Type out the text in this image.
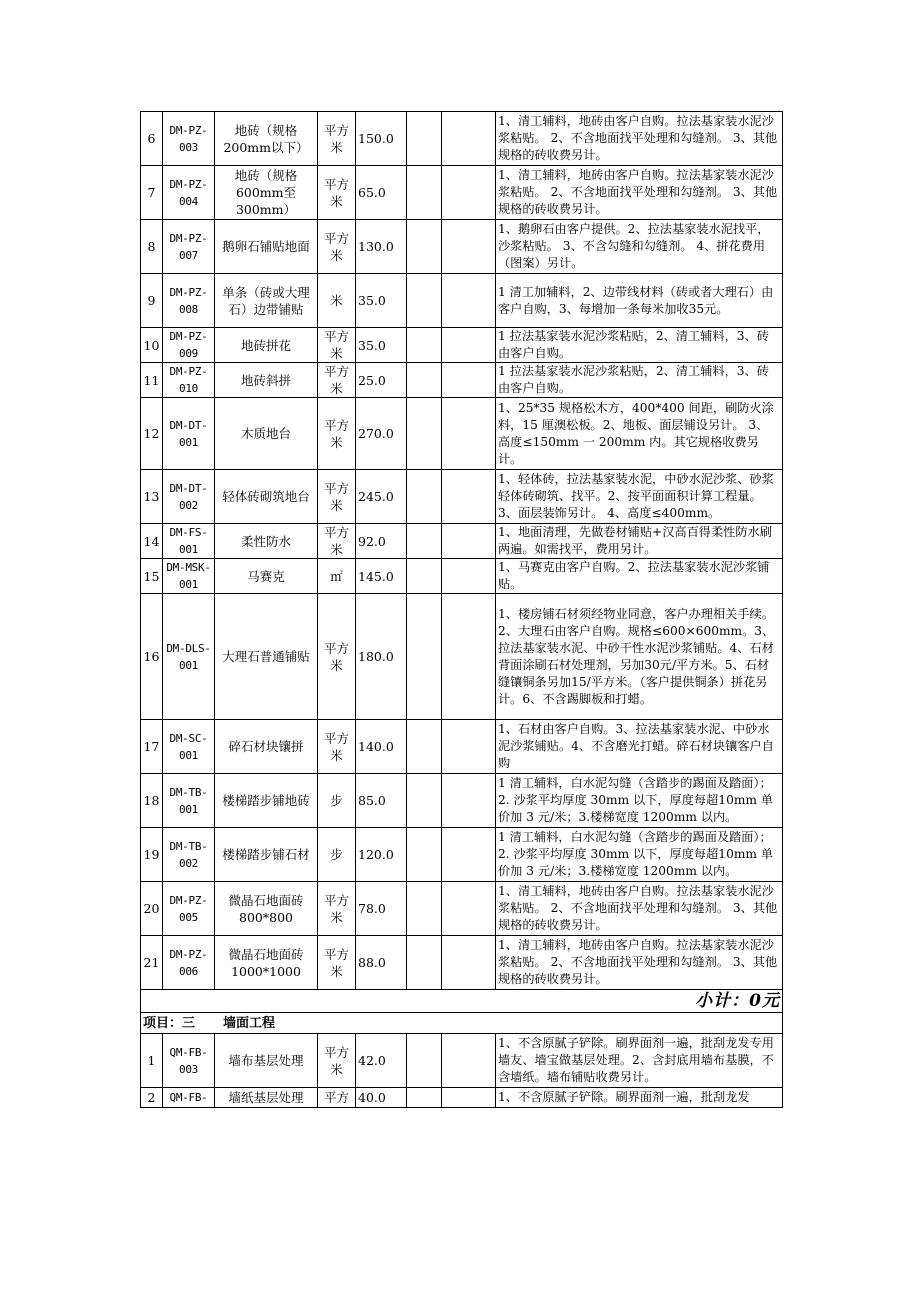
6	DM-PZ-003	地砖（规格200mm以下）	平方米	150.0			1、清工辅料，地砖由客户自购。拉法基家装水泥沙浆粘贴。 2、不含地面找平处理和勾缝剂。 3、其他规格的砖收费另计。
7	DM-PZ-004	地砖（规格600mm至300mm）	平方米	65.0			1、清工辅料，地砖由客户自购。拉法基家装水泥沙浆粘贴。 2、不含地面找平处理和勾缝剂。 3、其他规格的砖收费另计。
8	DM-PZ-007	鹅卵石铺贴地面	平方米	130.0			1、鹅卵石由客户提供。2、拉法基家装水泥找平，沙浆粘贴。 3、不含勾缝和勾缝剂。 4、拼花费用（图案）另计。
9	DM-PZ-008	单条（砖或大理石）边带铺贴	米	35.0			1 清工加辅料，2、边带线材料（砖或者大理石）由客户自购，3、每增加一条每米加收35元。
10	DM-PZ-009	地砖拼花	平方米	35.0			1 拉法基家装水泥沙浆粘贴，2、清工辅料，3、砖由客户自购。
11	DM-PZ-010	地砖斜拼	平方米	25.0			1 拉法基家装水泥沙浆粘贴，2、清工辅料，3、砖由客户自购。
12	DM-DT-001	木质地台	平方米	270.0			1、25*35 规格松木方，400*400 间距，刷防火涂料，15 厘澳松板。2、地板、面层铺设另计。 3、高度≤150mm 一 200mm 内。其它规格收费另计。
13	DM-DT-002	轻体砖砌筑地台	平方米	245.0			1、轻体砖，拉法基家装水泥，中砂水泥沙浆、砂浆轻体砖砌筑、找平。2、按平面面积计算工程量。 3、面层装饰另计。 4、高度≤400mm。
14	DM-FS-001	柔性防水	平方米	92.0			1、地面清理，先做卷材铺贴+汉高百得柔性防水刷两遍。如需找平，费用另计。
15	DM-MSK-001	马赛克	㎡	145.0			1、马赛克由客户自购。2、拉法基家装水泥沙浆铺贴。
16	DM-DLS-001	大理石普通铺贴	平方米	180.0			1、楼房铺石材须经物业同意，客户办理相关手续。 2、大理石由客户自购。规格≤600×600mm。3、拉法基家装水泥、中砂干性水泥沙浆铺贴。4、石材背面涂刷石材处理剂，另加30元/平方米。5、石材缝镶铜条另加15/平方米。（客户提供铜条）拼花另计。6、不含踢脚板和打蜡。
17	DM-SC-001	碎石材块镶拼	平方米	140.0			1、石材由客户自购。3、拉法基家装水泥、中砂水泥沙浆铺贴。4、不含磨光打蜡。碎石材块镶客户自购
18	DM-TB-001	楼梯踏步铺地砖	步	85.0			1 清工辅料，白水泥勾缝（含踏步的踢面及踏面）；2. 沙浆平均厚度 30mm 以下，厚度每超10mm 单价加 3 元/米；3.楼梯宽度 1200mm 以内。
19	DM-TB-002	楼梯踏步铺石材	步	120.0			1 清工辅料，白水泥勾缝（含踏步的踢面及踏面）；2. 沙浆平均厚度 30mm 以下，厚度每超10mm 单价加 3 元/米；3.楼梯宽度 1200mm 以内。
20	DM-PZ-005	微晶石地面砖800*800	平方米	78.0			1、清工辅料，地砖由客户自购。拉法基家装水泥沙浆粘贴。 2、不含地面找平处理和勾缝剂。 3、其他规格的砖收费另计。
21	DM-PZ-006	微晶石地面砖1000*1000	平方米	88.0			1、清工辅料，地砖由客户自购。拉法基家装水泥沙浆粘贴。 2、不含地面找平处理和勾缝剂。 3、其他规格的砖收费另计。
小计：0元							
项目：三 墙面工程							
1	QM-FB-003	墙布基层处理	平方米	42.0			1、不含原腻子铲除。刷界面剂一遍，批刮龙发专用墙友、墙宝做基层处理。2、含封底用墙布基膜，不含墙纸。墙布铺贴收费另计。
2	QM-FB-	墙纸基层处理	平方	40.0			1、不含原腻子铲除。刷界面剂一遍，批刮龙发
